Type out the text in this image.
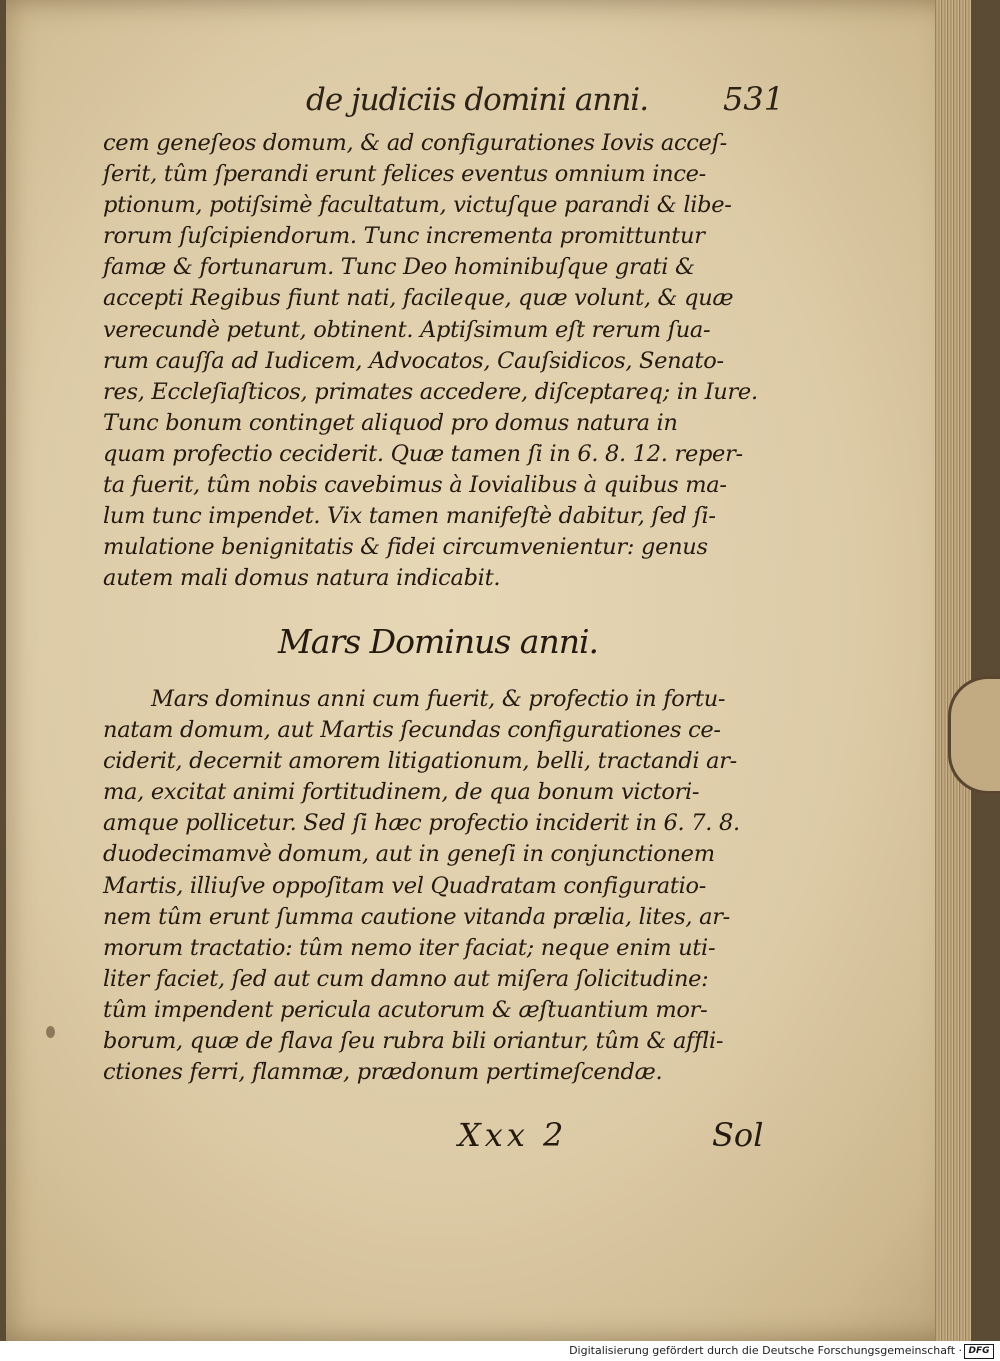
de judiciis domini anni. 531
cem geneſeos domum, & ad configurationes Iovis acceſ-
ſerit, tûm ſperandi erunt felices eventus omnium ince-
ptionum, potiſsimè facultatum, victuſque parandi & libe-
rorum ſuſcipiendorum. Tunc incrementa promittuntur
famæ & fortunarum. Tunc Deo hominibuſque grati &
accepti Regibus fiunt nati, facileque, quæ volunt, & quæ
verecundè petunt, obtinent. Aptiſsimum eſt rerum ſua-
rum cauſſa ad Iudicem, Advocatos, Cauſsidicos, Senato-
res, Eccleſiaſticos, primates accedere, diſceptareq; in Iure.
Tunc bonum continget aliquod pro domus natura in
quam profectio ceciderit. Quæ tamen ſi in 6. 8. 12. reper-
ta fuerit, tûm nobis cavebimus à Iovialibus à quibus ma-
lum tunc impendet. Vix tamen manifeſtè dabitur, ſed ſi-
mulatione benignitatis & fidei circumvenientur: genus
autem mali domus natura indicabit.
Mars Dominus anni.
Mars dominus anni cum fuerit, & profectio in fortu-
natam domum, aut Martis ſecundas configurationes ce-
ciderit, decernit amorem litigationum, belli, tractandi ar-
ma, excitat animi fortitudinem, de qua bonum victori-
amque pollicetur. Sed ſi hæc profectio inciderit in 6. 7. 8.
duodecimamvè domum, aut in geneſi in conjunctionem
Martis, illiuſve oppoſitam vel Quadratam configuratio-
nem tûm erunt ſumma cautione vitanda prælia, lites, ar-
morum tractatio: tûm nemo iter faciat; neque enim uti-
liter faciet, ſed aut cum damno aut miſera ſolicitudine:
tûm impendent pericula acutorum & æſtuantium mor-
borum, quæ de flava ſeu rubra bili oriantur, tûm & affli-
ctiones ferri, flammæ, prædonum pertimeſcendæ.
Xxx 2	Sol
Digitalisierung gefördert durch die Deutsche Forschungsgemeinschaft · DFG
